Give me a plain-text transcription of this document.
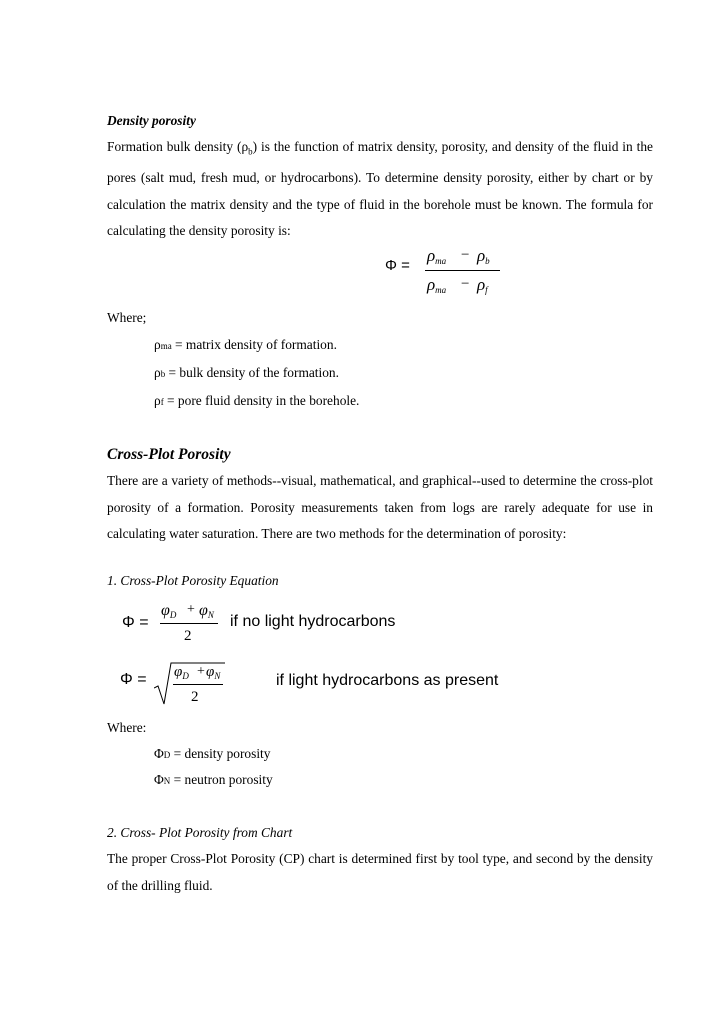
Density porosity
Formation bulk density $(\rho_b)$ is the function of matrix density, porosity, and density of the fluid in the pores (salt mud, fresh mud, or hydrocarbons). To determine density porosity, either by chart or by calculation the matrix density and the type of fluid in the borehole must be known. The formula for calculating the density porosity is:
Φ =
ρma − ρb
ρma − ρf
Where;
ρma = matrix density of formation.
ρb = bulk density of the formation.
ρf = pore fluid density in the borehole.
Cross-Plot Porosity
There are a variety of methods--visual, mathematical, and graphical--used to determine the cross-plot porosity of a formation. Porosity measurements taken from logs are rarely adequate for use in calculating water saturation. There are two methods for the determination of porosity:
1. Cross-Plot Porosity Equation
Φ =
φD + φN
2
if no light hydrocarbons
$\Phi = \varphi_D + \varphi_N$
2
if light hydrocarbons as present
Where:
ΦD = density porosity
ΦN = neutron porosity
2. Cross- Plot Porosity from Chart
The proper Cross-Plot Porosity (CP) chart is determined first by tool type, and second by the density of the drilling fluid.
